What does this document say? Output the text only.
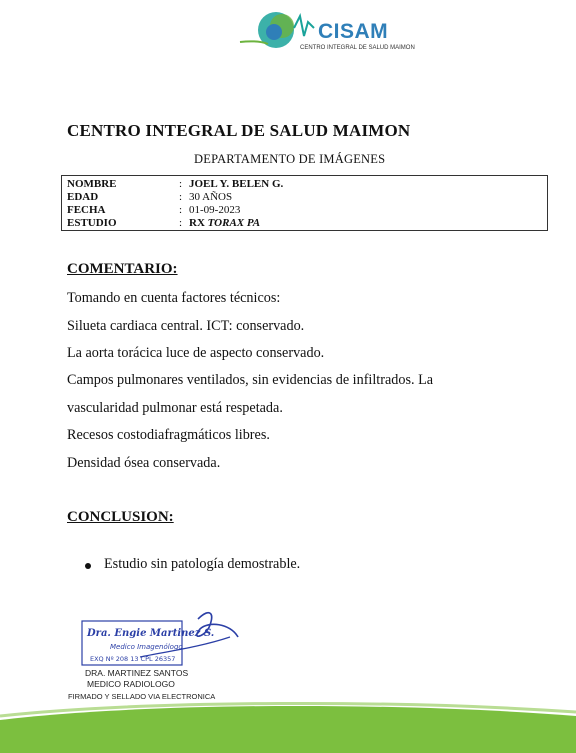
CISAM
CENTRO INTEGRAL DE SALUD MAIMON
CENTRO INTEGRAL DE SALUD MAIMON
DEPARTAMENTO DE IMÁGENES
NOMBRE	: JOEL Y. BELEN G.
EDAD	: 30 AÑOS
FECHA	: 01-09-2023
ESTUDIO	: RX TORAX PA
COMENTARIO:
Tomando en cuenta factores técnicos:
Silueta cardiaca central. ICT: conservado.
La aorta torácica luce de aspecto conservado.
Campos pulmonares ventilados, sin evidencias de infiltrados. La
vascularidad pulmonar está respetada.
Recesos costodiafragmáticos libres.
Densidad ósea conservada.
CONCLUSION:
Estudio sin patología demostrable.
Dra. Engie Martinez S.
Medico Imagenólogo
EXQ Nº 208 13 CPL 26357
DRA. MARTINEZ SANTOS
MEDICO RADIOLOGO
FIRMADO Y SELLADO VIA ELECTRONICA
